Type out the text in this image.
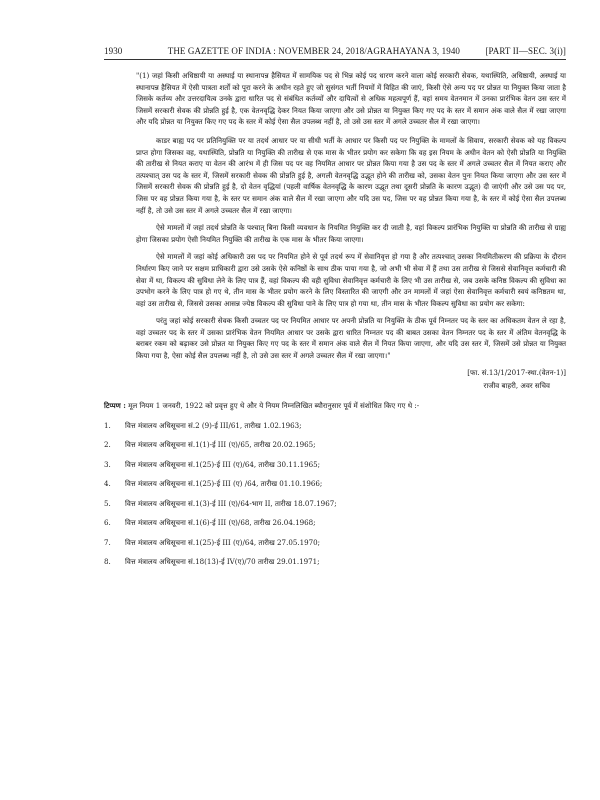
1930	THE GAZETTE OF INDIA : NOVEMBER 24, 2018/AGRAHAYANA 3, 1940	[PART II—SEC. 3(i)]

"(1) जहां किसी अधिष्ठायी या अस्थाई या स्थानापन्न हैसियत में सामयिक पद से भिन्न कोई पद धारण करने वाला कोई सरकारी सेवक, यथास्थिति, अधिष्ठायी, अस्थाई या स्थानापन्न हैसियत में ऐसी पात्रता शर्तों को पूरा करने के अधीन रहते हुए जो सुसंगत भर्ती नियमों में विहित की जाएं, किसी ऐसे अन्य पद पर प्रोन्नत या नियुक्त किया जाता है जिसके कर्तव्य और उत्तरदायित्व उनके द्वारा धारित पद से संबंधित कर्तव्यों और दायित्वों से अधिक महत्वपूर्ण हैं, वहां समय वेतनमान में उनका प्रारंभिक वेतन उस स्तर में जिसमें सरकारी सेवक की प्रोन्नति हुई है, एक वेतनवृद्धि देकर नियत किया जाएगा और उसे प्रोन्नत या नियुक्त किए गए पद के स्तर में समान अंक वाले सैल में रखा जाएगा और यदि प्रोन्नत या नियुक्त किए गए पद के स्तर में कोई ऐसा सैल उपलब्ध नहीं है, तो उसे उस स्तर में अगले उच्चतर सैल में रखा जाएगा।

काडर बाह्य पद पर प्रतिनियुक्ति पर या तदर्थ आधार पर या सीधी भर्ती के आधार पर किसी पद पर नियुक्ति के मामलों के सिवाय, सरकारी सेवक को यह विकल्प प्राप्त होगा जिसका वह, यथास्थिति, प्रोन्नति या नियुक्ति की तारीख से एक मास के भीतर प्रयोग कर सकेगा कि वह इस नियम के अधीन वेतन को ऐसी प्रोन्नति या नियुक्ति की तारीख से नियत कराए या वेतन की आरंभ में ही जिस पद पर वह नियमित आधार पर प्रोन्नत किया गया है उस पद के स्तर में अगले उच्चतर सैल में नियत कराए और तत्पश्चात् उस पद के स्तर में, जिसमें सरकारी सेवक की प्रोन्नति हुई है, अगली वेतनवृद्धि उद्भूत होने की तारीख को, उसका वेतन पुनः नियत किया जाएगा और उस स्तर में जिसमें सरकारी सेवक की प्रोन्नति हुई है, दो वेतन वृद्धियां (पहली वार्षिक वेतनवृद्धि के कारण उद्भूत तथा दूसरी प्रोन्नति के कारण उद्भूत) दी जाएंगी और उसे उस पद पर, जिस पर वह प्रोन्नत किया गया है, के स्तर पर समान अंक वाले सैल में रखा जाएगा और यदि उस पद, जिस पर वह प्रोन्नत किया गया है, के स्तर में कोई ऐसा सैल उपलब्ध नहीं है, तो उसे उस स्तर में अगले उच्चतर सैल में रखा जाएगा।

ऐसे मामलों में जहां तदर्थ प्रोन्नति के पश्चात् बिना किसी व्यवधान के नियमित नियुक्ति कर दी जाती है, वहां विकल्प प्रारंभिक नियुक्ति या प्रोन्नति की तारीख से ग्राह्य होगा जिसका प्रयोग ऐसी नियमित नियुक्ति की तारीख के एक मास के भीतर किया जाएगा।

ऐसे मामलों में जहां कोई अधिकारी उस पद पर नियमित होने से पूर्व तदर्थ रूप में सेवानिवृत्त हो गया है और तत्पश्चात् उसका नियमितीकरण की प्रक्रिया के दौरान निर्धारण किए जाने पर सक्षम प्राधिकारी द्वारा उसे उसके ऐसे कनिष्ठों के साथ ठीक पाया गया है, जो अभी भी सेवा में हैं तथा उस तारीख से जिससे सेवानिवृत्त कर्मचारी की सेवा में था, विकल्प की सुविधा लेने के लिए पात्र हैं, वहां विकल्प की वही सुविधा सेवानिवृत्त कर्मचारी के लिए भी उस तारीख से, जब उसके कनिष्ठ विकल्प की सुविधा का उपभोग करने के लिए पात्र हो गए थे, तीन मास के भीतर प्रयोग करने के लिए विस्तारित की जाएगी और उन मामलों में जहां ऐसा सेवानिवृत्त कर्मचारी स्वयं कनिष्ठतम था, वहां उस तारीख से, जिससे उसका आसन्न ज्येष्ठ विकल्प की सुविधा पाने के लिए पात्र हो गया था, तीन मास के भीतर विकल्प सुविधा का प्रयोग कर सकेगा:

परंतु जहां कोई सरकारी सेवक किसी उच्चतर पद पर नियमित आधार पर अपनी प्रोन्नति या नियुक्ति के ठीक पूर्व निम्नतर पद के स्तर का अधिकतम वेतन ले रहा है, वहां उच्चतर पद के स्तर में उसका प्रारंभिक वेतन नियमित आधार पर उसके द्वारा धारित निम्नतर पद की बाबत उसका वेतन निम्नतर पद के स्तर में अंतिम वेतनवृद्धि के बराबर रकम को बढ़ाकर उसे प्रोन्नत या नियुक्त किए गए पद के स्तर में समान अंक वाले सैल में नियत किया जाएगा, और यदि उस स्तर में, जिसमें उसे प्रोन्नत या नियुक्त किया गया है, ऐसा कोई सैल उपलब्ध नहीं है, तो उसे उस स्तर में अगले उच्चतर सैल में रखा जाएगा।"

[फा. सं.13/1/2017-स्था.(वेतन-1)]
राजीव बाहरी, अवर सचिव
टिप्पण : मूल नियम 1 जनवरी, 1922 को प्रवृत्त हुए थे और ये नियम निम्नलिखित ब्यौरानुसार पूर्व में संशोधित किए गए थे :-
1.	वित्त मंत्रालय अधिसूचना सं.2 (9)-ई III/61, तारीख 1.02.1963;
2.	वित्त मंत्रालय अधिसूचना सं.1(1)-ई III (ए)/65, तारीख 20.02.1965;
3.	वित्त मंत्रालय अधिसूचना सं.1(25)-ई III (ए)/64, तारीख 30.11.1965;
4.	वित्त मंत्रालय अधिसूचना सं.1(25)-ई III (ए) /64, तारीख 01.10.1966;
5.	वित्त मंत्रालय अधिसूचना सं.1(3)-ई III (ए)/64-भाग II, तारीख 18.07.1967;
6.	वित्त मंत्रालय अधिसूचना सं.1(6)-ई III (ए)/68, तारीख 26.04.1968;
7.	वित्त मंत्रालय अधिसूचना सं.1(25)-ई III (ए)/64, तारीख 27.05.1970;
8.	वित्त मंत्रालय अधिसूचना सं.18(13)-ई IV(ए)/70 तारीख 29.01.1971;
